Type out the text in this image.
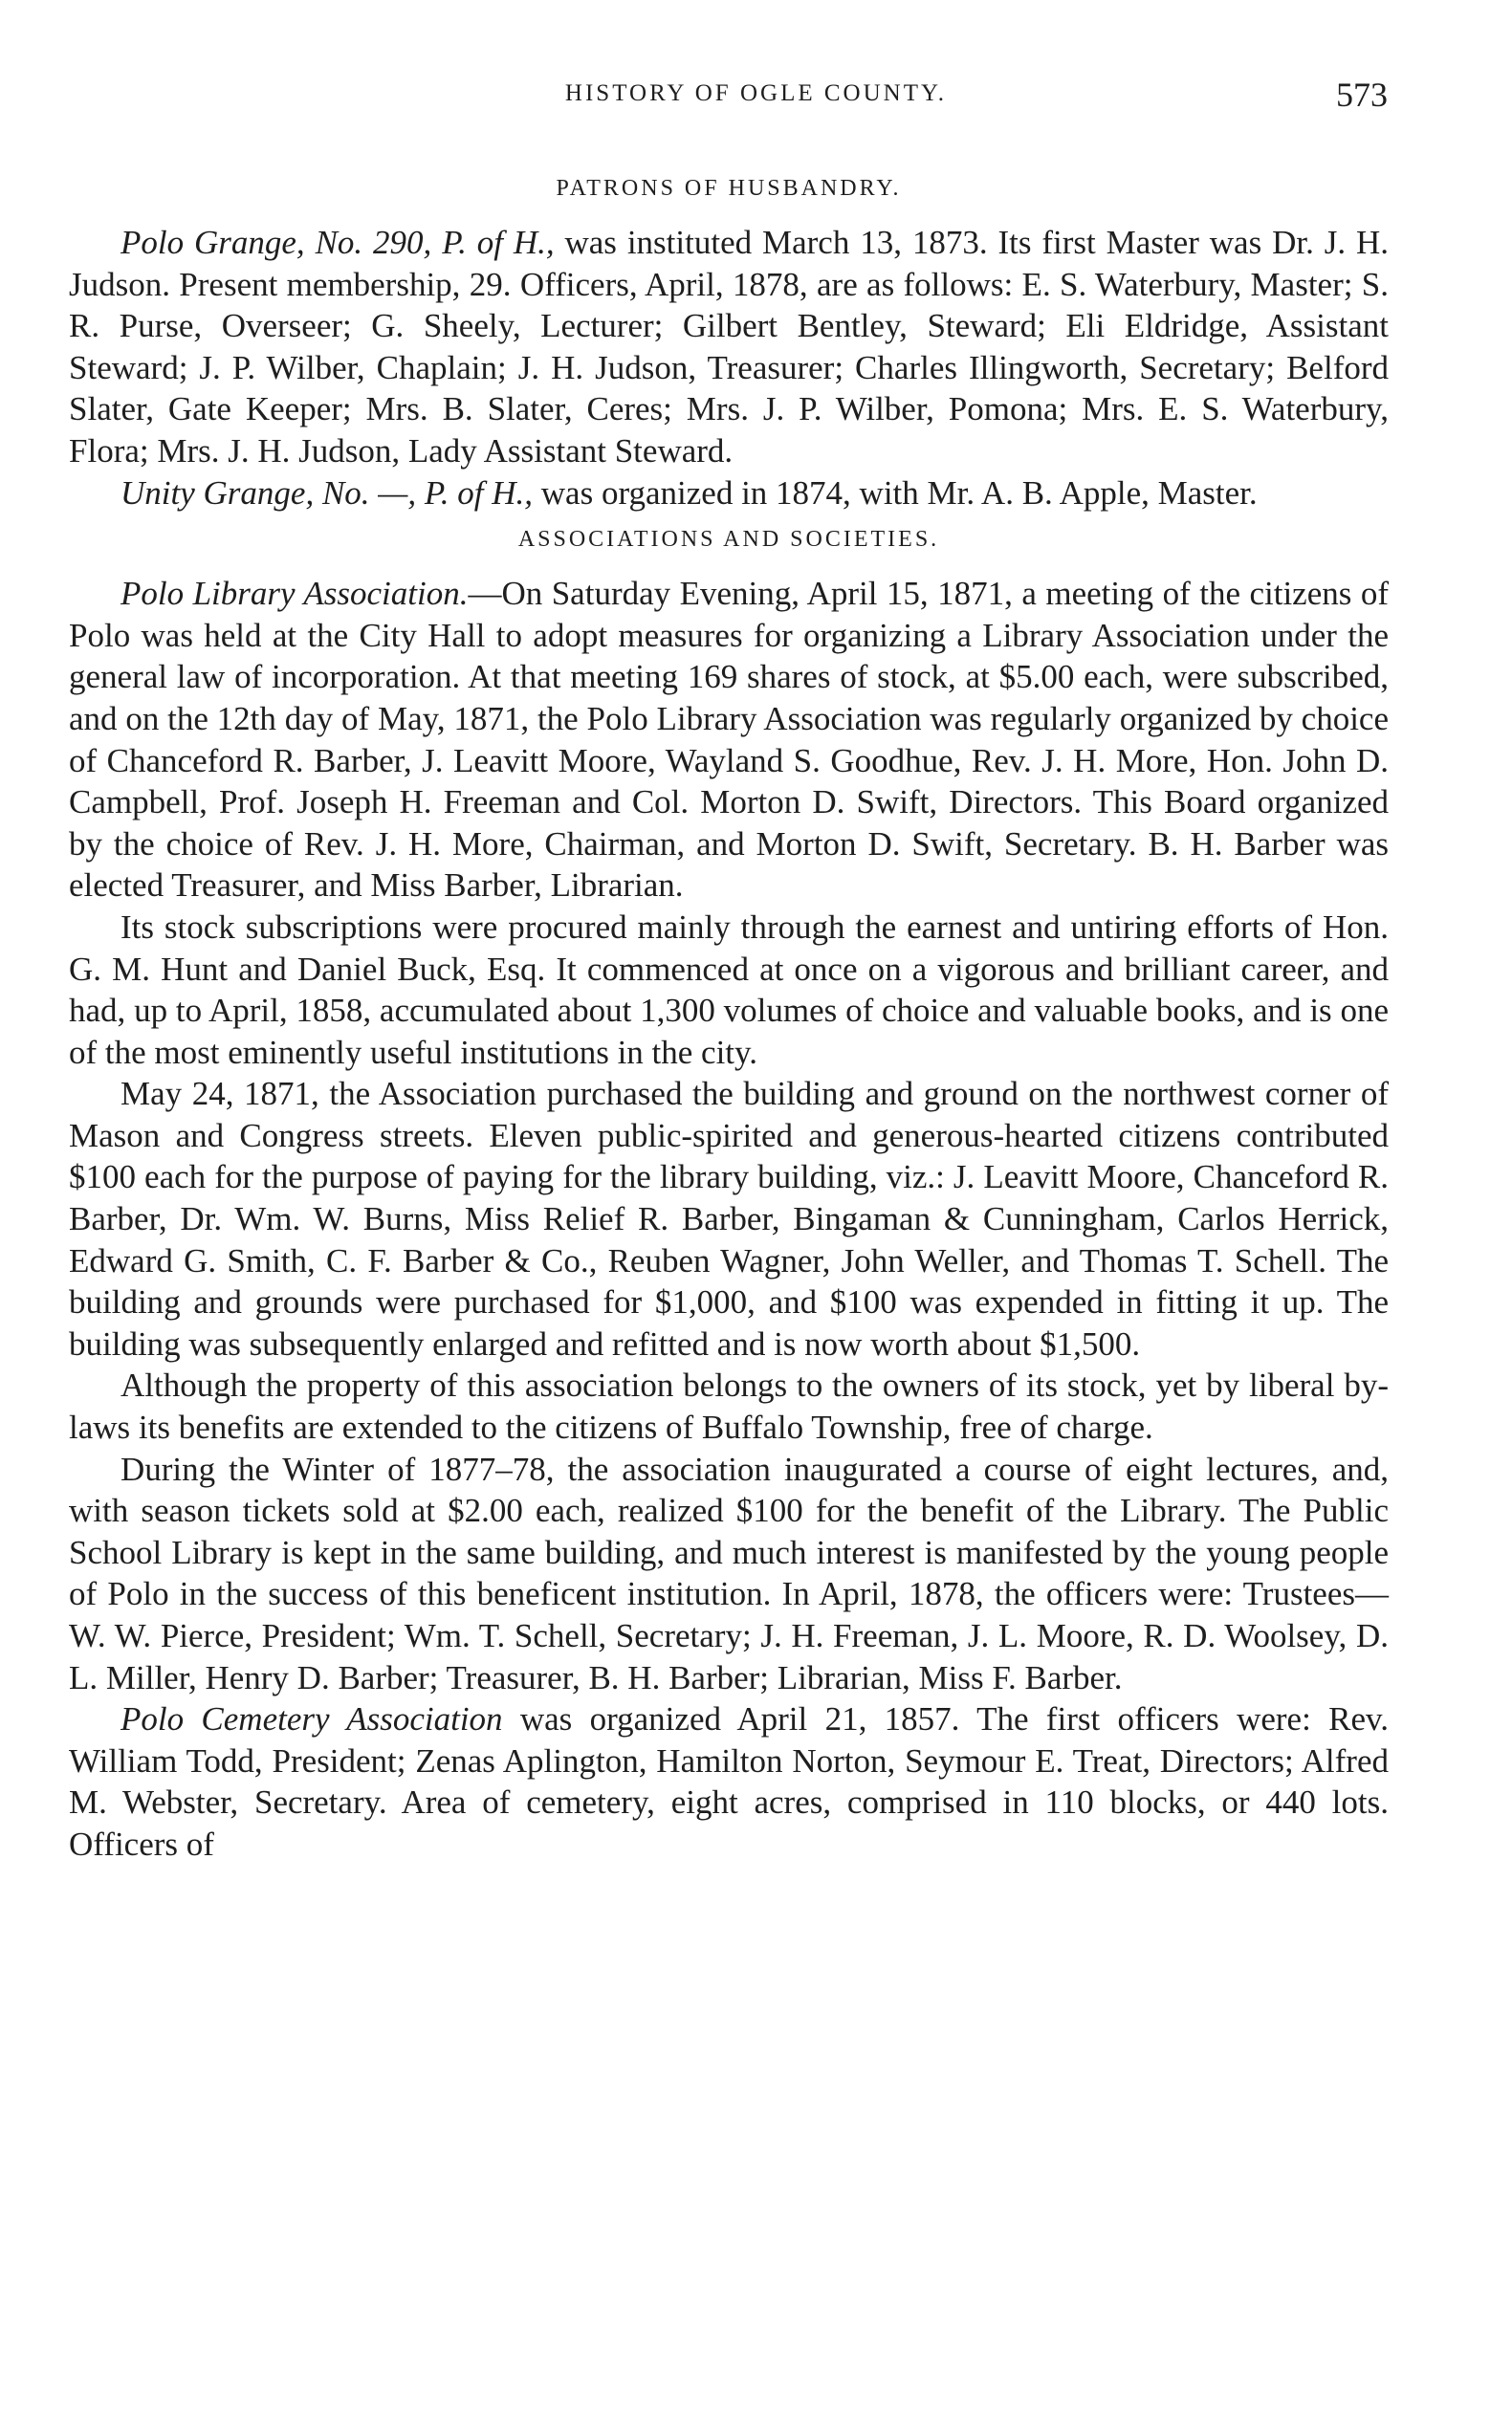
HISTORY OF OGLE COUNTY.	573
PATRONS OF HUSBANDRY.

Polo Grange, No. 290, P. of H., was instituted March 13, 1873. Its first Master was Dr. J. H. Judson. Present membership, 29. Officers, April, 1878, are as follows: E. S. Waterbury, Master; S. R. Purse, Overseer; G. Sheely, Lecturer; Gilbert Bentley, Steward; Eli Eldridge, Assistant Steward; J. P. Wilber, Chaplain; J. H. Judson, Treasurer; Charles Illingworth, Secretary; Belford Slater, Gate Keeper; Mrs. B. Slater, Ceres; Mrs. J. P. Wilber, Pomona; Mrs. E. S. Waterbury, Flora; Mrs. J. H. Judson, Lady Assistant Steward.

Unity Grange, No. —, P. of H., was organized in 1874, with Mr. A. B. Apple, Master.

ASSOCIATIONS AND SOCIETIES.

Polo Library Association.—On Saturday Evening, April 15, 1871, a meeting of the citizens of Polo was held at the City Hall to adopt measures for organizing a Library Association under the general law of incorporation. At that meeting 169 shares of stock, at $5.00 each, were subscribed, and on the 12th day of May, 1871, the Polo Library Association was regularly organized by choice of Chanceford R. Barber, J. Leavitt Moore, Wayland S. Goodhue, Rev. J. H. More, Hon. John D. Campbell, Prof. Joseph H. Freeman and Col. Morton D. Swift, Directors. This Board organized by the choice of Rev. J. H. More, Chairman, and Morton D. Swift, Secretary. B. H. Barber was elected Treasurer, and Miss Barber, Librarian.

Its stock subscriptions were procured mainly through the earnest and untiring efforts of Hon. G. M. Hunt and Daniel Buck, Esq. It commenced at once on a vigorous and brilliant career, and had, up to April, 1858, accumulated about 1,300 volumes of choice and valuable books, and is one of the most eminently useful institutions in the city.

May 24, 1871, the Association purchased the building and ground on the northwest corner of Mason and Congress streets. Eleven public-spirited and generous-hearted citizens contributed $100 each for the purpose of paying for the library building, viz.: J. Leavitt Moore, Chanceford R. Barber, Dr. Wm. W. Burns, Miss Relief R. Barber, Bingaman & Cunningham, Carlos Herrick, Edward G. Smith, C. F. Barber & Co., Reuben Wagner, John Weller, and Thomas T. Schell. The building and grounds were purchased for $1,000, and $100 was expended in fitting it up. The building was subsequently enlarged and refitted and is now worth about $1,500.

Although the property of this association belongs to the owners of its stock, yet by liberal by-laws its benefits are extended to the citizens of Buffalo Township, free of charge.

During the Winter of 1877–78, the association inaugurated a course of eight lectures, and, with season tickets sold at $2.00 each, realized $100 for the benefit of the Library. The Public School Library is kept in the same building, and much interest is manifested by the young people of Polo in the success of this beneficent institution. In April, 1878, the officers were: Trustees—W. W. Pierce, President; Wm. T. Schell, Secretary; J. H. Freeman, J. L. Moore, R. D. Woolsey, D. L. Miller, Henry D. Barber; Treasurer, B. H. Barber; Librarian, Miss F. Barber.

Polo Cemetery Association was organized April 21, 1857. The first officers were: Rev. William Todd, President; Zenas Aplington, Hamilton Norton, Seymour E. Treat, Directors; Alfred M. Webster, Secretary. Area of cemetery, eight acres, comprised in 110 blocks, or 440 lots. Officers of
